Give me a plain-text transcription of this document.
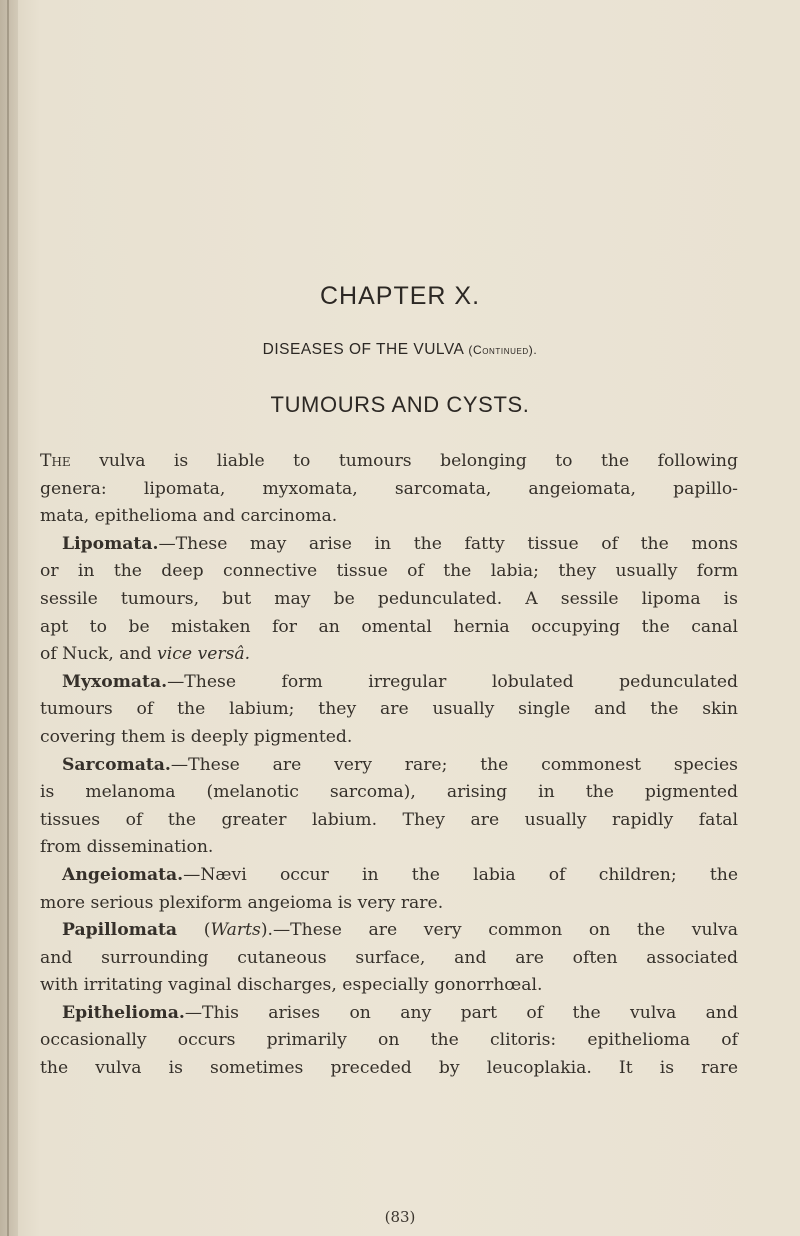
CHAPTER X.
DISEASES OF THE VULVA (Continued).
TUMOURS AND CYSTS.
The vulva is liable to tumours belonging to the following
genera: lipomata, myxomata, sarcomata, angeiomata, papillo-
mata, epithelioma and carcinoma.
Lipomata.—These may arise in the fatty tissue of the mons
or in the deep connective tissue of the labia; they usually form
sessile tumours, but may be pedunculated. A sessile lipoma is
apt to be mistaken for an omental hernia occupying the canal
of Nuck, and vice versâ.
Myxomata.—These form irregular lobulated pedunculated
tumours of the labium; they are usually single and the skin
covering them is deeply pigmented.
Sarcomata.—These are very rare; the commonest species
is melanoma (melanotic sarcoma), arising in the pigmented
tissues of the greater labium. They are usually rapidly fatal
from dissemination.
Angeiomata.—Nævi occur in the labia of children; the
more serious plexiform angeioma is very rare.
Papillomata (Warts).—These are very common on the vulva
and surrounding cutaneous surface, and are often associated
with irritating vaginal discharges, especially gonorrhœal.
Epithelioma.—This arises on any part of the vulva and
occasionally occurs primarily on the clitoris: epithelioma of
the vulva is sometimes preceded by leucoplakia. It is rare
(83)
